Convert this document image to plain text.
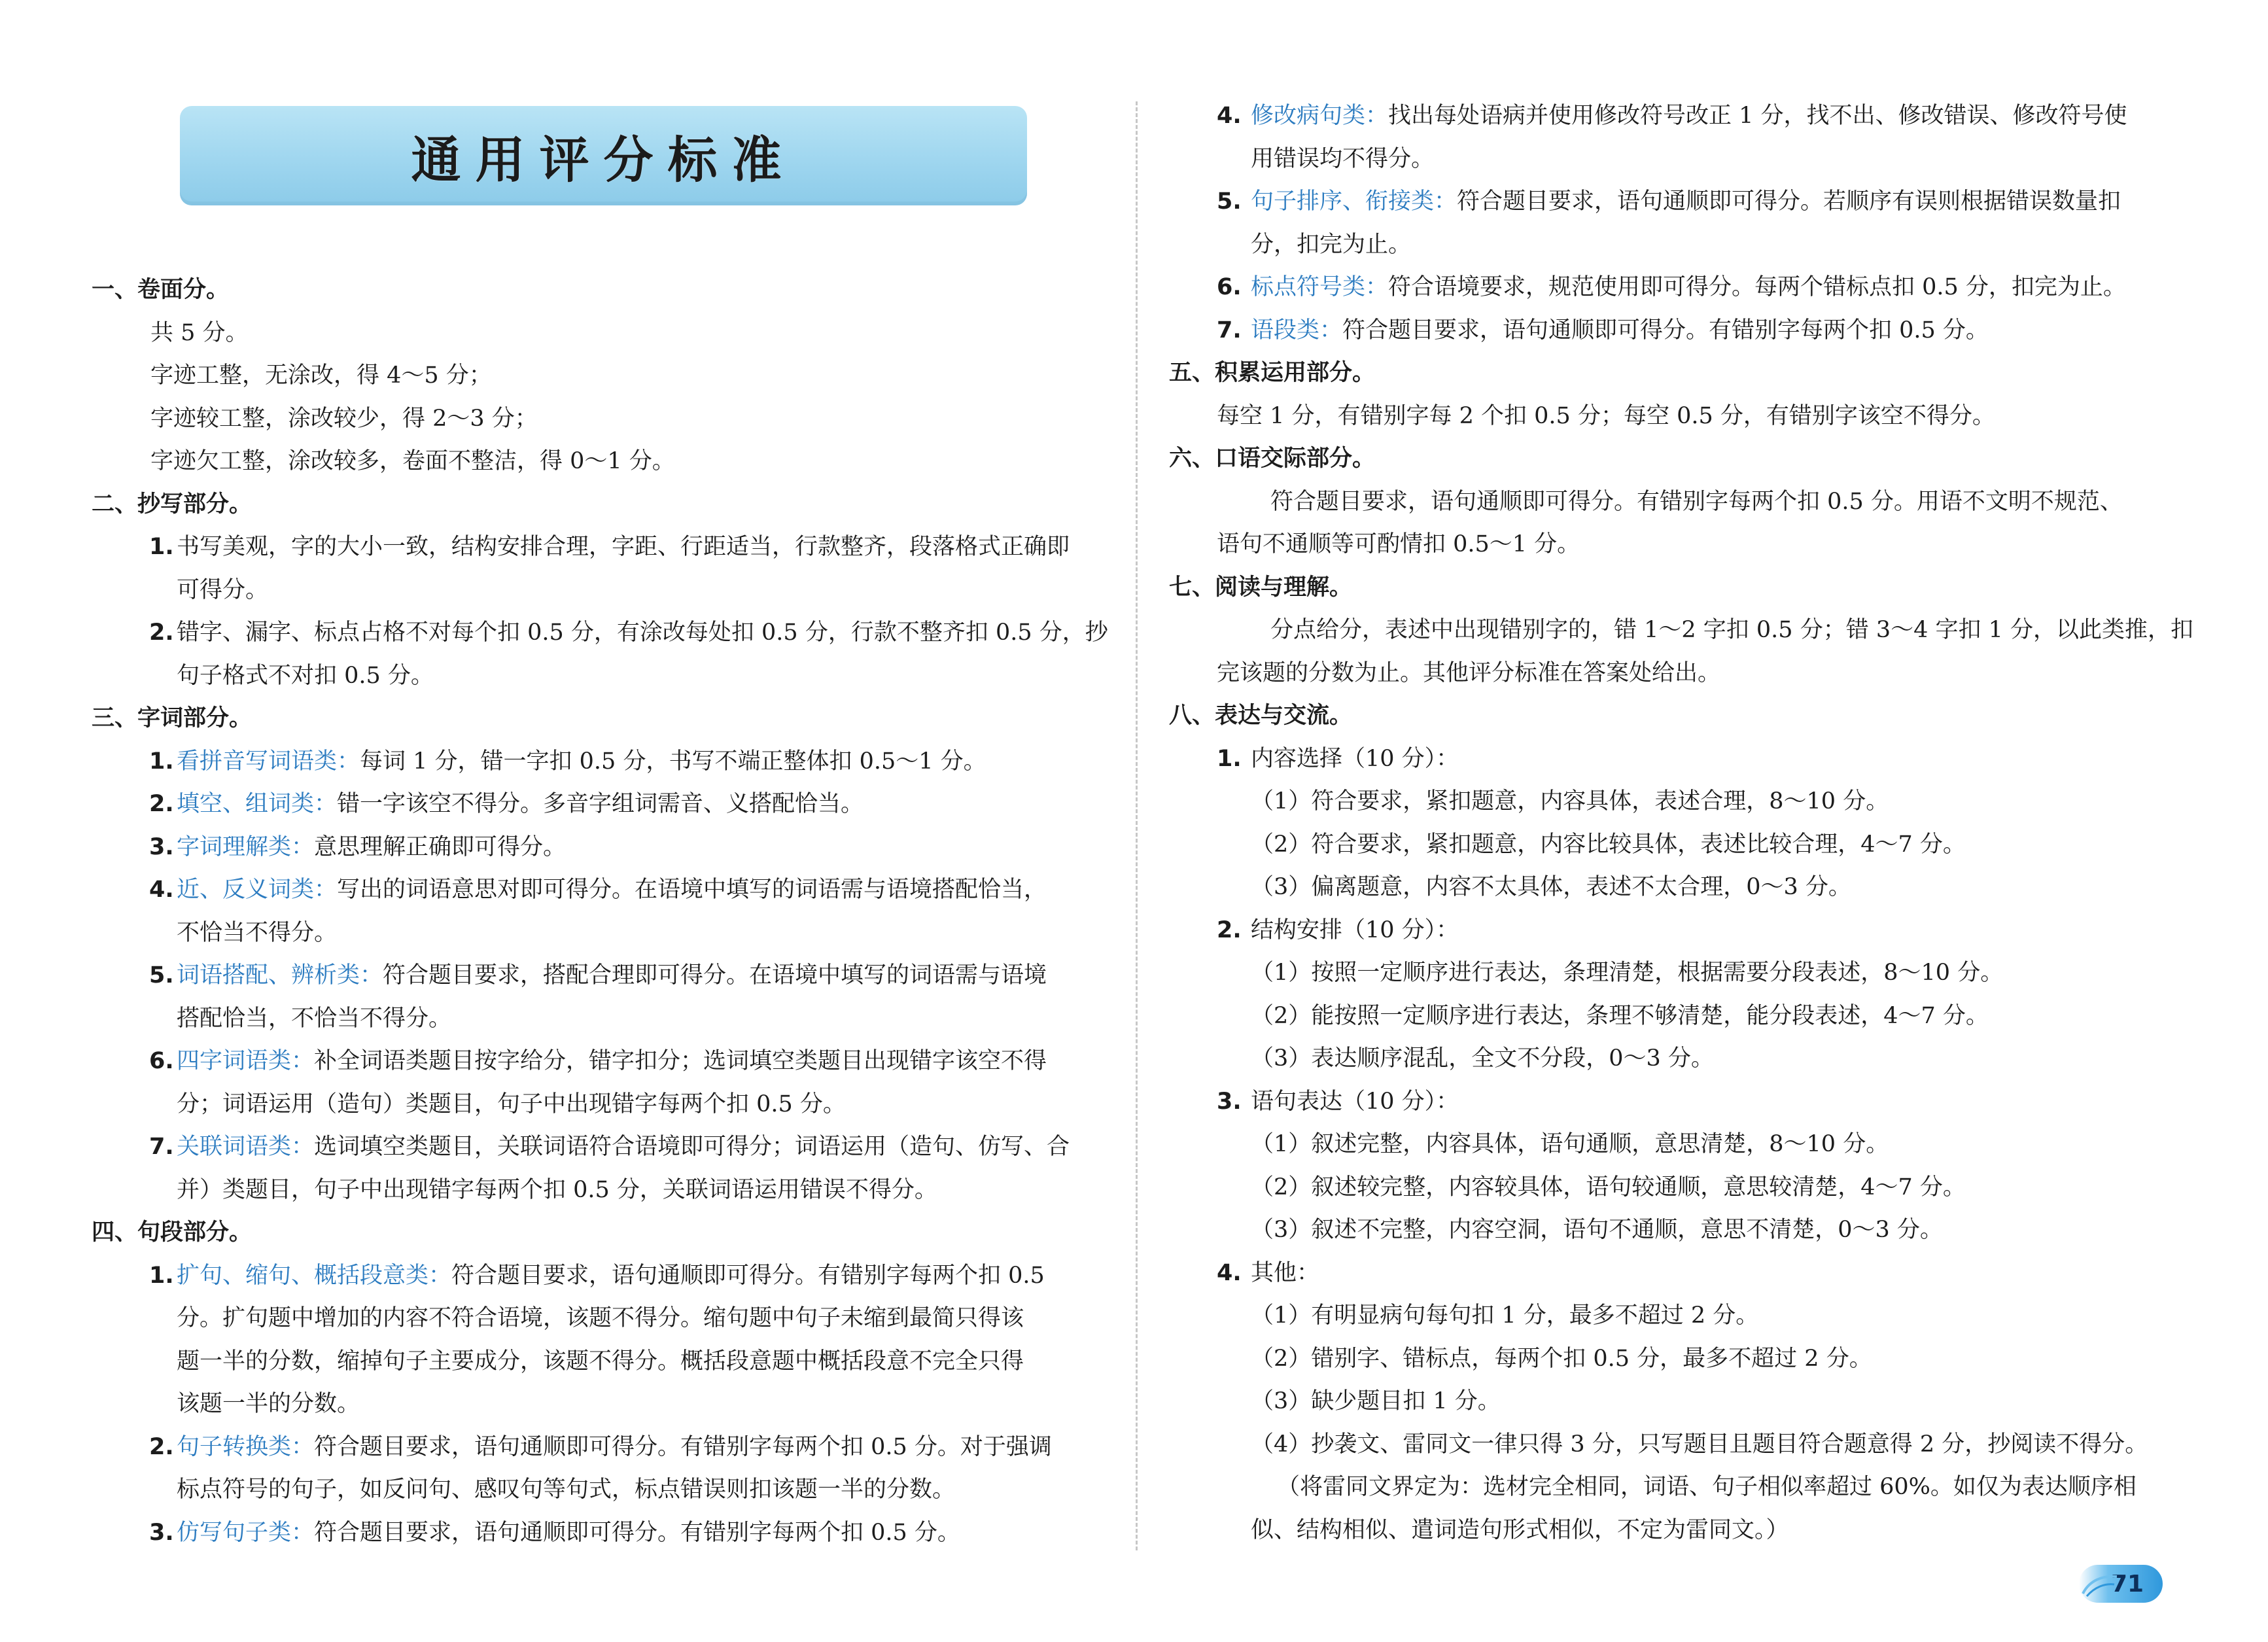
通用评分标准
一、卷面分。
共 5 分。
字迹工整，无涂改，得 4～5 分；
字迹较工整，涂改较少，得 2～3 分；
字迹欠工整，涂改较多，卷面不整洁，得 0～1 分。
二、抄写部分。
1. 书写美观，字的大小一致，结构安排合理，字距、行距适当，行款整齐，段落格式正确即
可得分。
2. 错字、漏字、标点占格不对每个扣 0.5 分，有涂改每处扣 0.5 分，行款不整齐扣 0.5 分，抄
句子格式不对扣 0.5 分。
三、字词部分。
1. 看拼音写词语类：每词 1 分，错一字扣 0.5 分，书写不端正整体扣 0.5～1 分。
2. 填空、组词类：错一字该空不得分。多音字组词需音、义搭配恰当。
3. 字词理解类：意思理解正确即可得分。
4. 近、反义词类：写出的词语意思对即可得分。在语境中填写的词语需与语境搭配恰当，
不恰当不得分。
5. 词语搭配、辨析类：符合题目要求，搭配合理即可得分。在语境中填写的词语需与语境
搭配恰当，不恰当不得分。
6. 四字词语类：补全词语类题目按字给分，错字扣分；选词填空类题目出现错字该空不得
分；词语运用（造句）类题目，句子中出现错字每两个扣 0.5 分。
7. 关联词语类：选词填空类题目，关联词语符合语境即可得分；词语运用（造句、仿写、合
并）类题目，句子中出现错字每两个扣 0.5 分，关联词语运用错误不得分。
四、句段部分。
1. 扩句、缩句、概括段意类：符合题目要求，语句通顺即可得分。有错别字每两个扣 0.5
分。扩句题中增加的内容不符合语境，该题不得分。缩句题中句子未缩到最简只得该
题一半的分数，缩掉句子主要成分，该题不得分。概括段意题中概括段意不完全只得
该题一半的分数。
2. 句子转换类：符合题目要求，语句通顺即可得分。有错别字每两个扣 0.5 分。对于强调
标点符号的句子，如反问句、感叹句等句式，标点错误则扣该题一半的分数。
3. 仿写句子类：符合题目要求，语句通顺即可得分。有错别字每两个扣 0.5 分。
4. 修改病句类：找出每处语病并使用修改符号改正 1 分，找不出、修改错误、修改符号使
用错误均不得分。
5. 句子排序、衔接类：符合题目要求，语句通顺即可得分。若顺序有误则根据错误数量扣
分，扣完为止。
6. 标点符号类：符合语境要求，规范使用即可得分。每两个错标点扣 0.5 分，扣完为止。
7. 语段类：符合题目要求，语句通顺即可得分。有错别字每两个扣 0.5 分。
五、积累运用部分。
每空 1 分，有错别字每 2 个扣 0.5 分；每空 0.5 分，有错别字该空不得分。
六、口语交际部分。
符合题目要求，语句通顺即可得分。有错别字每两个扣 0.5 分。用语不文明不规范、
语句不通顺等可酌情扣 0.5～1 分。
七、阅读与理解。
分点给分，表述中出现错别字的，错 1～2 字扣 0.5 分；错 3～4 字扣 1 分，以此类推，扣
完该题的分数为止。其他评分标准在答案处给出。
八、表达与交流。
1. 内容选择（10 分）：
（1）符合要求，紧扣题意，内容具体，表述合理，8～10 分。
（2）符合要求，紧扣题意，内容比较具体，表述比较合理，4～7 分。
（3）偏离题意，内容不太具体，表述不太合理，0～3 分。
2. 结构安排（10 分）：
（1）按照一定顺序进行表达，条理清楚，根据需要分段表述，8～10 分。
（2）能按照一定顺序进行表达，条理不够清楚，能分段表述，4～7 分。
（3）表达顺序混乱，全文不分段，0～3 分。
3. 语句表达（10 分）：
（1）叙述完整，内容具体，语句通顺，意思清楚，8～10 分。
（2）叙述较完整，内容较具体，语句较通顺，意思较清楚，4～7 分。
（3）叙述不完整，内容空洞，语句不通顺，意思不清楚，0～3 分。
4. 其他：
（1）有明显病句每句扣 1 分，最多不超过 2 分。
（2）错别字、错标点，每两个扣 0.5 分，最多不超过 2 分。
（3）缺少题目扣 1 分。
（4）抄袭文、雷同文一律只得 3 分，只写题目且题目符合题意得 2 分，抄阅读不得分。
（将雷同文界定为：选材完全相同，词语、句子相似率超过 60%。如仅为表达顺序相
似、结构相似、遣词造句形式相似，不定为雷同文。）
71
